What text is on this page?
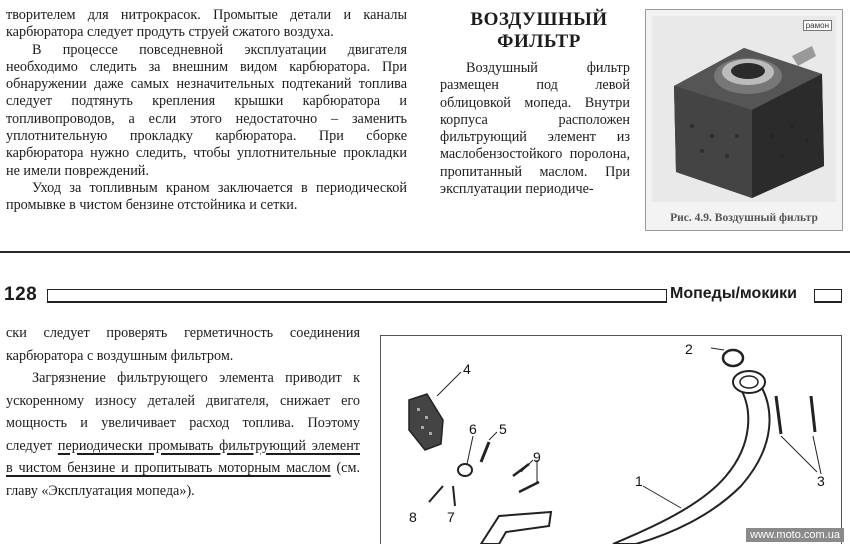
творителем для нитрокрасок. Промытые детали и каналы карбюратора следует продуть струей сжатого воздуха.
В процессе повседневной эксплуатации двигателя необходимо следить за внешним видом карбюратора. При обнаружении даже самых незначительных подтеканий топлива следует подтянуть крепления крышки карбюратора и топливопроводов, а если этого недостаточно – заменить уплотнительную прокладку карбюратора. При сборке карбюратора нужно следить, чтобы уплотнительные прокладки не имели повреждений.
Уход за топливным краном заключается в периодической промывке в чистом бензине отстойника и сетки.
ВОЗДУШНЫЙ
ФИЛЬТР
Воздушный фильтр размещен под левой облицовкой мопеда. Внутри корпуса расположен фильтрующий элемент из маслобензостойкого поролона, пропитанный маслом. При эксплуатации периодиче-
рамон
Рис. 4.9. Воздушный фильтр
128	Мопеды/мокики
ски следует проверять герметичность соединения карбюратора с воздушным фильтром.
Загрязнение фильтрующего элемента приводит к ускоренному износу деталей двигателя, снижает его мощность и увеличивает расход топлива. Поэтому следует периодически промывать фильтрующий элемент в чистом бензине и пропитывать моторным маслом (см. главу «Эксплуатация мопеда»).
4
5
6
9
7
8
1
2
3
www.moto.com.ua
